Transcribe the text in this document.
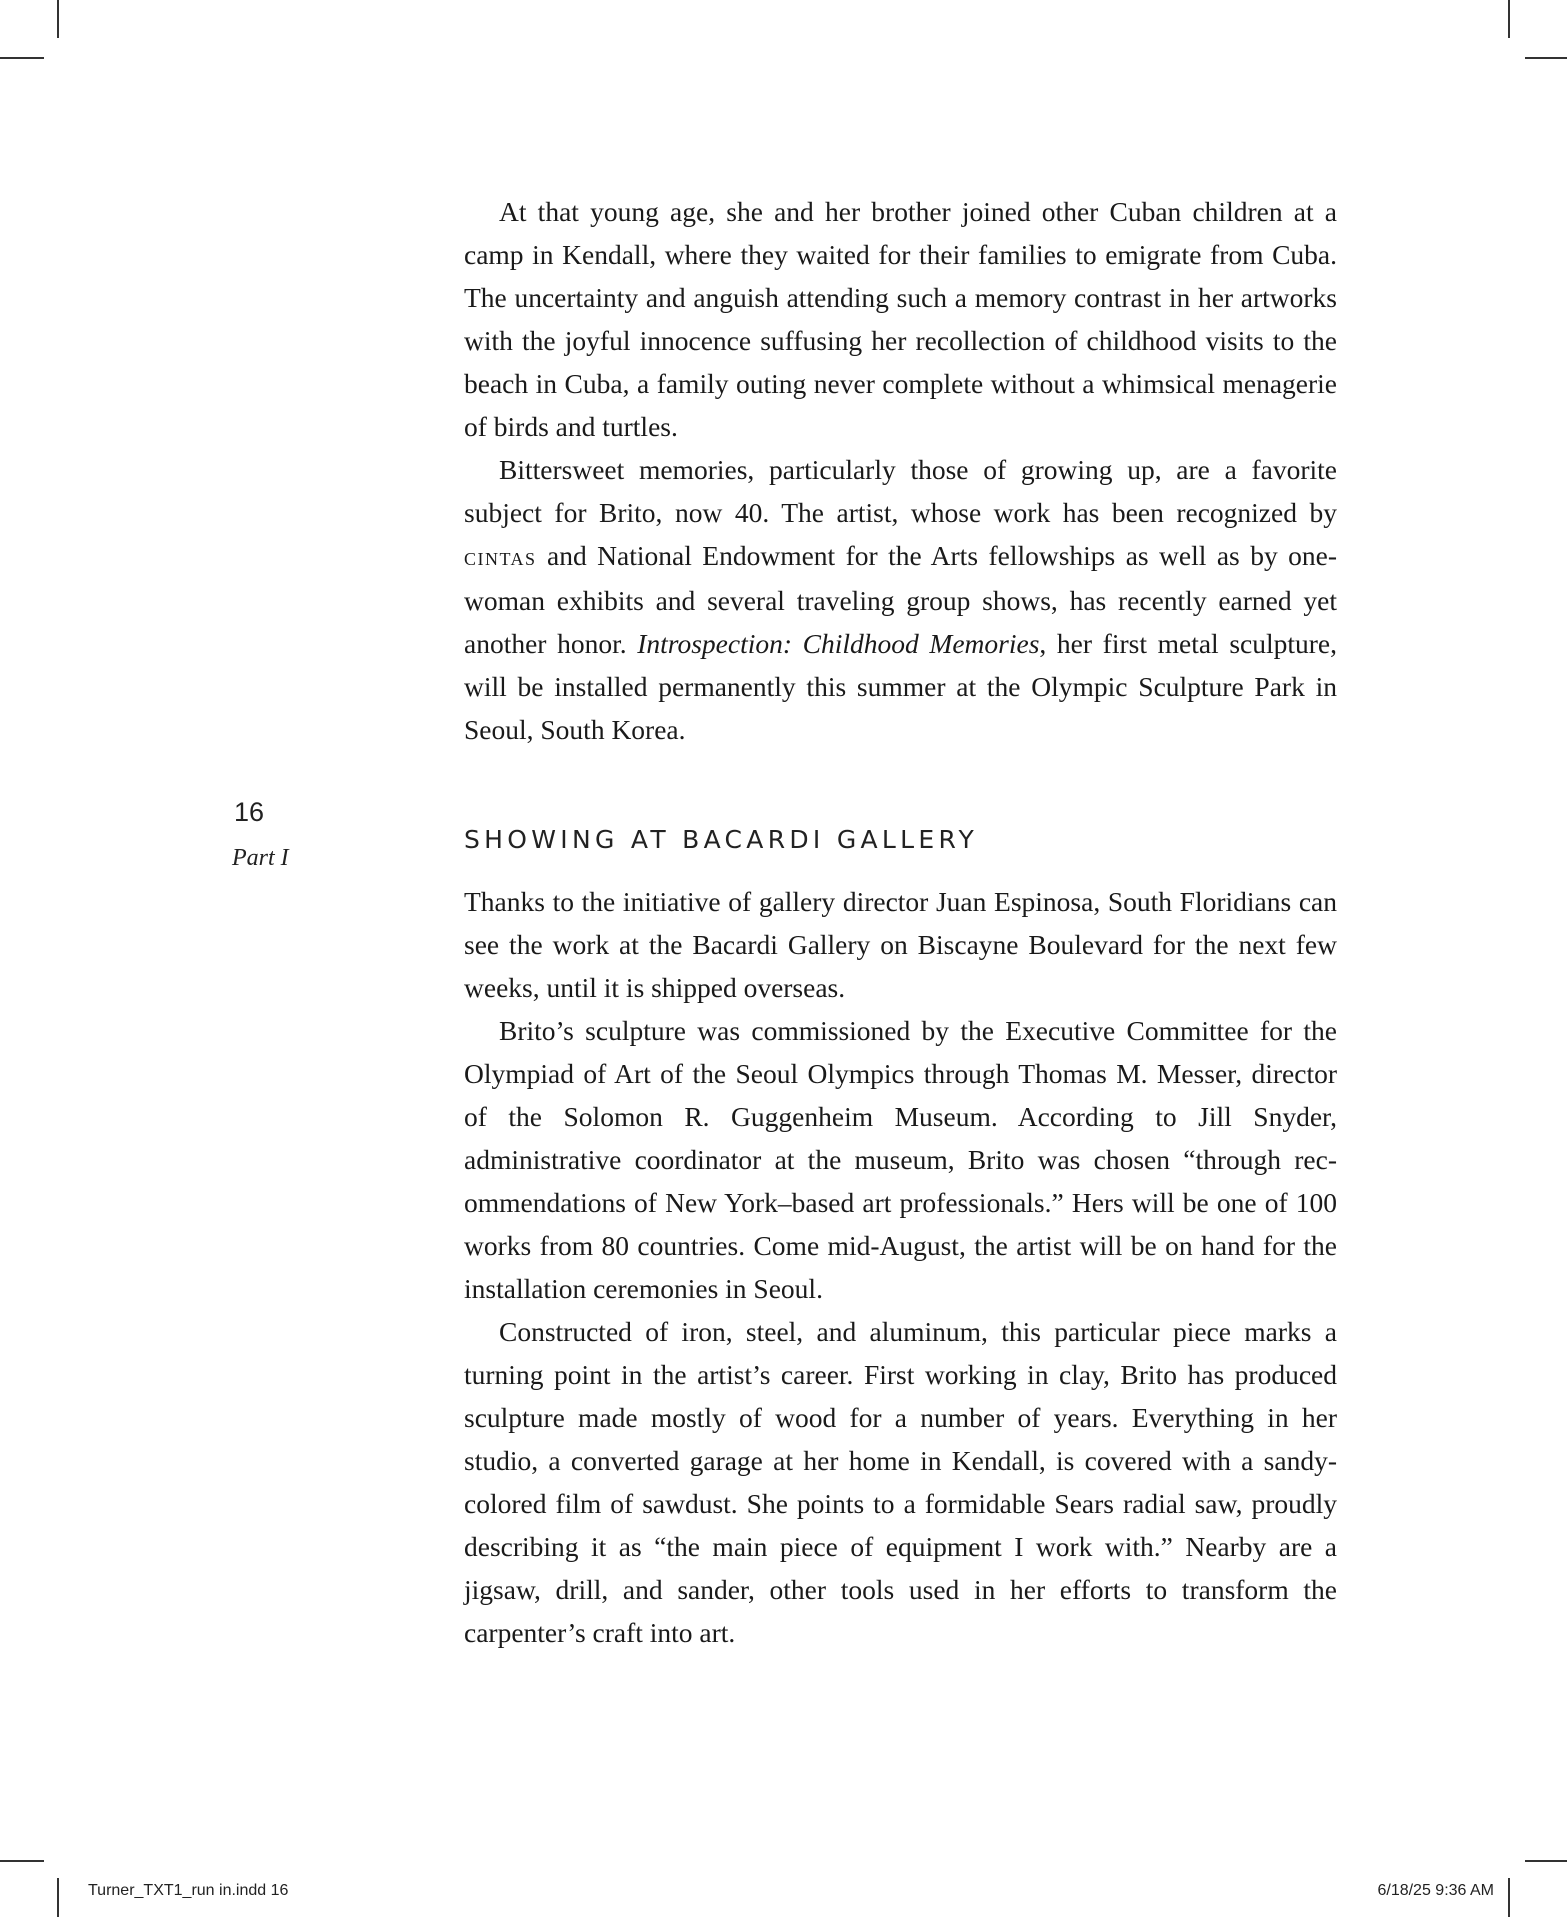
At that young age, she and her brother joined other Cuban children at a camp in Kendall, where they waited for their families to emigrate from Cuba. The uncertainty and anguish attending such a memory contrast in her artworks with the joyful innocence suffusing her recollection of childhood visits to the beach in Cuba, a family outing never complete without a whimsical menagerie of birds and turtles.

Bittersweet memories, particularly those of growing up, are a favorite subject for Brito, now 40. The artist, whose work has been recognized by cintas and National Endowment for the Arts fellowships as well as by one-woman exhibits and several traveling group shows, has recently earned yet another honor. Introspection: Childhood Memories, her first metal sculpture, will be installed permanently this summer at the Olympic Sculpture Park in Seoul, South Korea.

16
Part I
SHOWING AT BACARDI GALLERY

Thanks to the initiative of gallery director Juan Espinosa, South Floridians can see the work at the Bacardi Gallery on Biscayne Boulevard for the next few weeks, until it is shipped overseas.

Brito’s sculpture was commissioned by the Executive Committee for the Olympiad of Art of the Seoul Olympics through Thomas M. Messer, director of the Solomon R. Guggenheim Museum. According to Jill Snyder, administrative coordinator at the museum, Brito was chosen “through recommendations of New York–based art professionals.” Hers will be one of 100 works from 80 countries. Come mid-August, the artist will be on hand for the installation ceremonies in Seoul.

Constructed of iron, steel, and aluminum, this particular piece marks a turning point in the artist’s career. First working in clay, Brito has produced sculpture made mostly of wood for a number of years. Everything in her studio, a converted garage at her home in Kendall, is covered with a sandy-colored film of sawdust. She points to a formidable Sears radial saw, proudly describing it as “the main piece of equipment I work with.” Nearby are a jigsaw, drill, and sander, other tools used in her efforts to transform the carpenter’s craft into art.

Turner_TXT1_run in.indd 16	6/18/25 9:36 AM
